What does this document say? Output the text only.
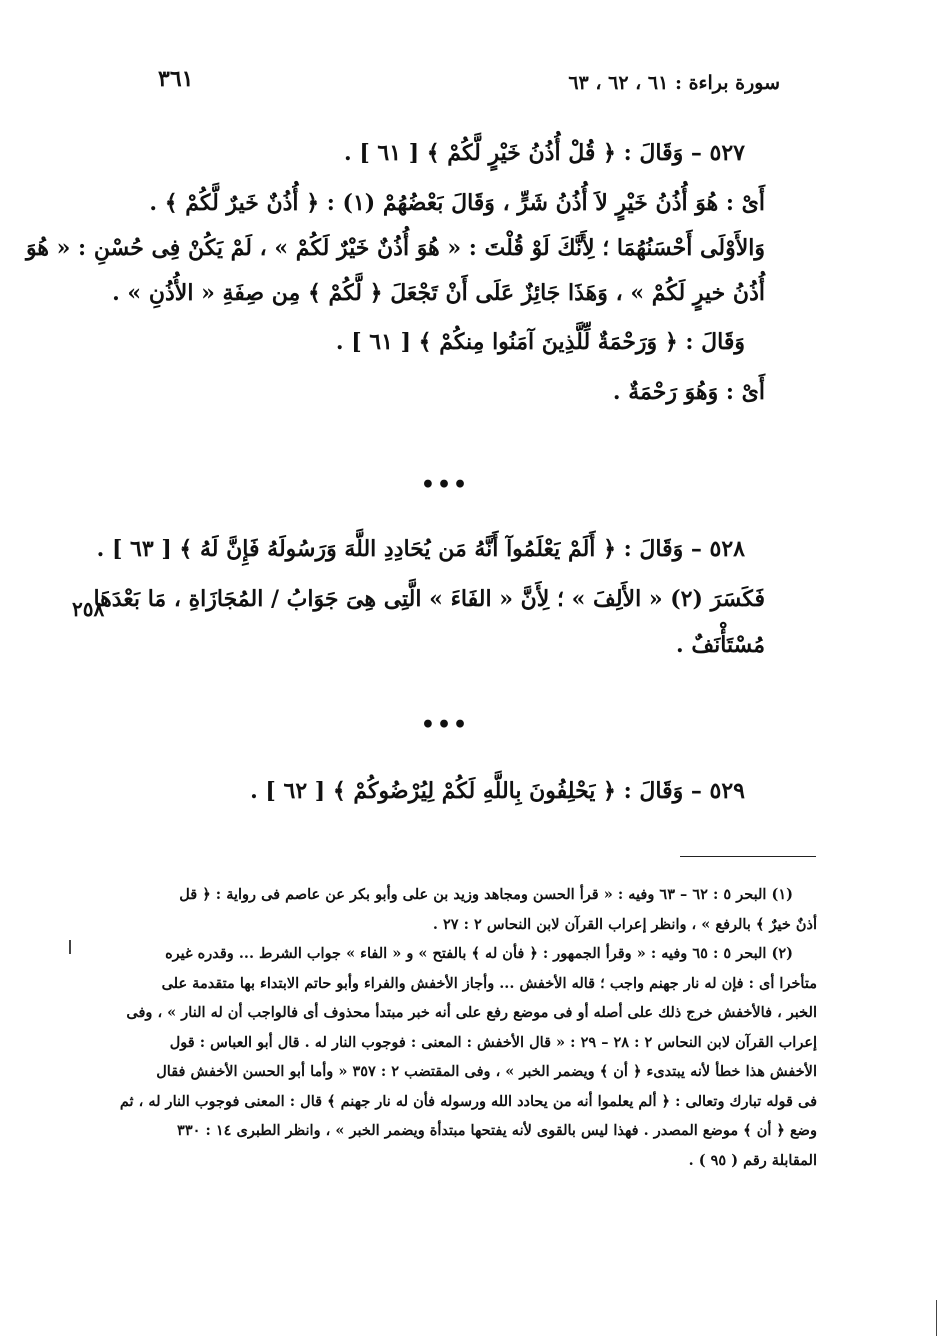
سورة براءة : ٦١ ، ٦٢ ، ٦٣
٣٦١
٥٢٧ – وَقَالَ : ﴿ قُلْ أُذُنُ خَيْرٍ لَّكُمْ ﴾ [ ٦١ ] .
أَىْ : هُوَ أُذُنُ خَيْرٍ لاَ أُذُنُ شَرٍّ ، وَقَالَ بَعْضُهُمْ (١) : ﴿ أُذُنٌ خَيرٌ لَّكُمْ ﴾ .
وَالأَوْلَى أَحْسَنُهُمَا ؛ لِأَنَّكَ لَوْ قُلْتَ : « هُوَ أُذُنٌ خَيْرٌ لَكُمْ » ، لَمْ يَكُنْ فِى حُسْنِ : « هُوَ
أُذُنُ خيرٍ لَكُمْ » ، وَهَذَا جَائِزٌ عَلَى أَنْ تَجْعَلَ ﴿ لَّكُمْ ﴾ مِن صِفَةِ « الأُذُنِ » .
وَقَالَ : ﴿ وَرَحْمَةٌ لِّلَّذِينَ آمَنُوا مِنكُمْ ﴾ [ ٦١ ] .
أَىْ : وَهُوَ رَحْمَةٌ .
•••
٥٢٨ – وَقَالَ : ﴿ أَلَمْ يَعْلَمُوآ أَنَّهُ مَن يُحَادِدِ اللَّهَ وَرَسُولَهُ فَإِنَّ لَهُ ﴾ [ ٦٣ ] .
فَكَسَرَ (٢) « الأَلِفَ » ؛ لِأَنَّ « الفَاءَ » الَّتِى هِىَ جَوَابُ / المُجَازَاةِ ، مَا بَعْدَهَا
مُسْتَأْنَفٌ .
٢٥٨
•••
٥٢٩ – وَقَالَ : ﴿ يَحْلِفُونَ بِاللَّهِ لَكُمْ لِيُرْضُوكُمْ ﴾ [ ٦٢ ] .
(١) البحر ٥ : ٦٢ – ٦٣ وفيه : « قرأ الحسن ومجاهد وزيد بن على وأبو بكر عن عاصم فى رواية : ﴿ قل
أذنٌ خيرٌ ﴾ بالرفع » ، وانظر إعراب القرآن لابن النحاس ٢ : ٢٧ .
(٢) البحر ٥ : ٦٥ وفيه : « وقرأ الجمهور : ﴿ فأن له ﴾ بالفتح » و « الفاء » جواب الشرط ... وقدره غيره
متأخرا أى : فإن له نار جهنم واجب ؛ قاله الأخفش ... وأجاز الأخفش والفراء وأبو حاتم الابتداء بها متقدمة على
الخبر ، فالأخفش خرج ذلك على أصله أو فى موضع رفع على أنه خبر مبتدأ محذوف أى فالواجب أن له النار » ، وفى
إعراب القرآن لابن النحاس ٢ : ٢٨ – ٢٩ : « قال الأخفش : المعنى : فوجوب النار له . قال أبو العباس : قول
الأخفش هذا خطأ لأنه يبتدىء ﴿ أن ﴾ ويضمر الخبر » ، وفى المقتضب ٢ : ٣٥٧ « وأما أبو الحسن الأخفش فقال
فى قوله تبارك وتعالى : ﴿ ألم يعلموا أنه من يحادد الله ورسوله فأن له نار جهنم ﴾ قال : المعنى فوجوب النار له ، ثم
وضع ﴿ أن ﴾ موضع المصدر . فهذا ليس بالقوى لأنه يفتحها مبتدأة ويضمر الخبر » ، وانظر الطبرى ١٤ : ٣٣٠
المقابلة رقم ( ٩٥ ) .
